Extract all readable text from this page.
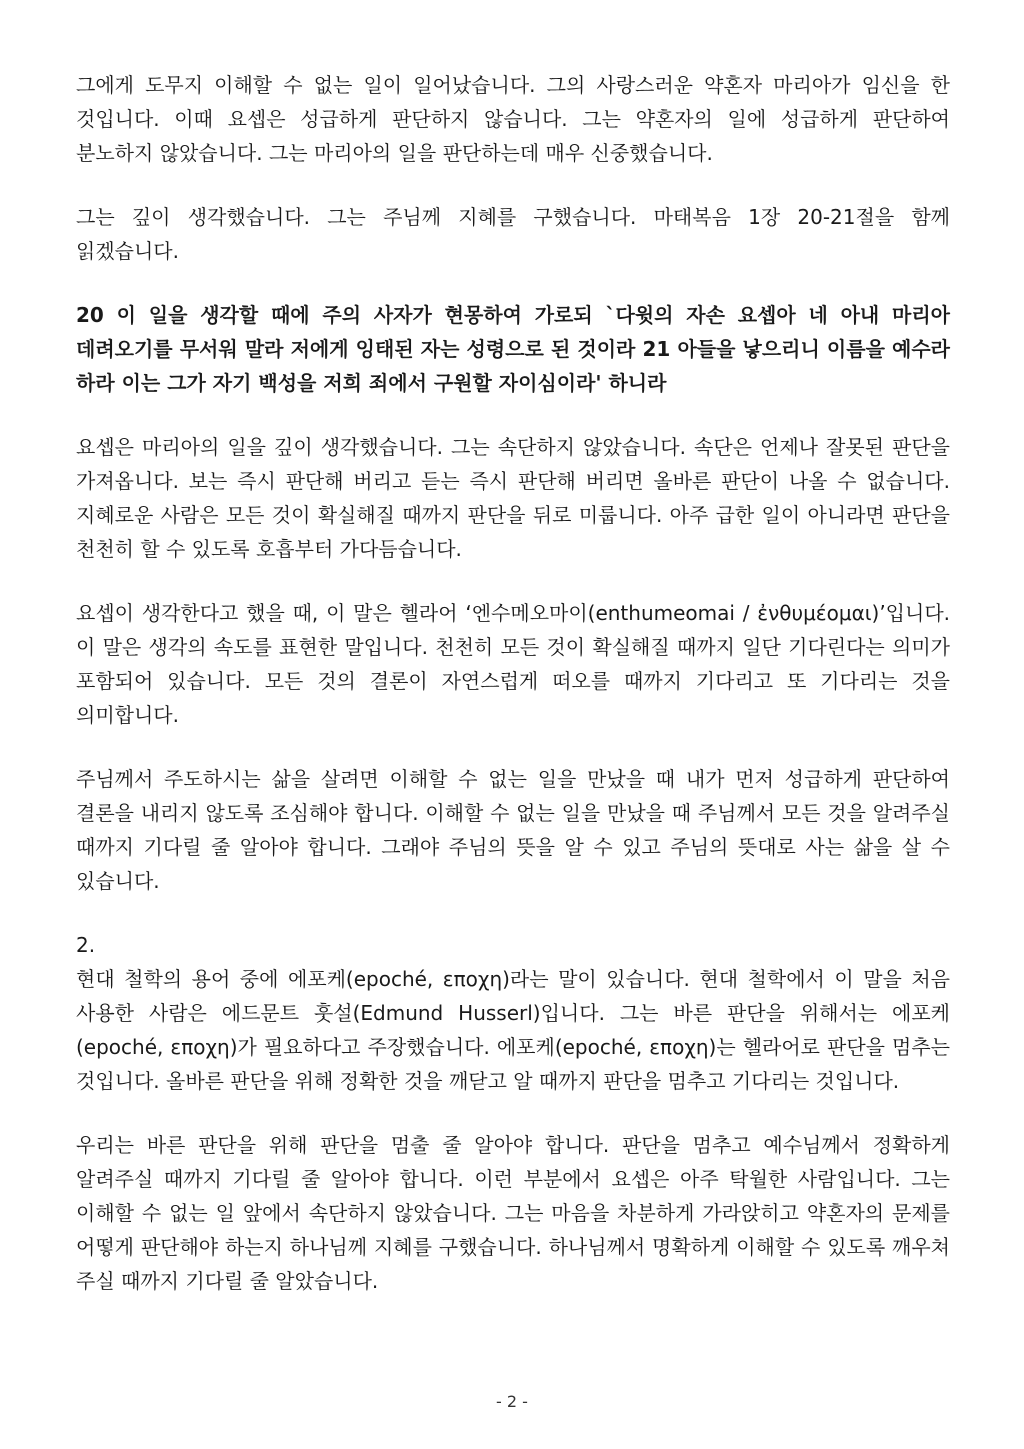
그에게 도무지 이해할 수 없는 일이 일어났습니다. 그의 사랑스러운 약혼자 마리아가 임신을 한 것입니다. 이때 요셉은 성급하게 판단하지 않습니다. 그는 약혼자의 일에 성급하게 판단하여 분노하지 않았습니다. 그는 마리아의 일을 판단하는데 매우 신중했습니다.

그는 깊이 생각했습니다. 그는 주님께 지혜를 구했습니다. 마태복음 1장 20-21절을 함께 읽겠습니다.

20 이 일을 생각할 때에 주의 사자가 현몽하여 가로되 `다윗의 자손 요셉아 네 아내 마리아 데려오기를 무서워 말라 저에게 잉태된 자는 성령으로 된 것이라 21 아들을 낳으리니 이름을 예수라 하라 이는 그가 자기 백성을 저희 죄에서 구원할 자이심이라' 하니라

요셉은 마리아의 일을 깊이 생각했습니다. 그는 속단하지 않았습니다. 속단은 언제나 잘못된 판단을 가져옵니다. 보는 즉시 판단해 버리고 듣는 즉시 판단해 버리면 올바른 판단이 나올 수 없습니다. 지혜로운 사람은 모든 것이 확실해질 때까지 판단을 뒤로 미룹니다. 아주 급한 일이 아니라면 판단을 천천히 할 수 있도록 호흡부터 가다듬습니다.

요셉이 생각한다고 했을 때, 이 말은 헬라어 ‘엔수메오마이(enthumeomai / ἐνθυμέομαι)’입니다. 이 말은 생각의 속도를 표현한 말입니다. 천천히 모든 것이 확실해질 때까지 일단 기다린다는 의미가 포함되어 있습니다. 모든 것의 결론이 자연스럽게 떠오를 때까지 기다리고 또 기다리는 것을 의미합니다.

주님께서 주도하시는 삶을 살려면 이해할 수 없는 일을 만났을 때 내가 먼저 성급하게 판단하여 결론을 내리지 않도록 조심해야 합니다. 이해할 수 없는 일을 만났을 때 주님께서 모든 것을 알려주실 때까지 기다릴 줄 알아야 합니다. 그래야 주님의 뜻을 알 수 있고 주님의 뜻대로 사는 삶을 살 수 있습니다.

2.

현대 철학의 용어 중에 에포케(epoché, εποχη)라는 말이 있습니다. 현대 철학에서 이 말을 처음 사용한 사람은 에드문트 훗설(Edmund Husserl)입니다. 그는 바른 판단을 위해서는 에포케(epoché, εποχη)가 필요하다고 주장했습니다. 에포케(epoché, εποχη)는 헬라어로 판단을 멈추는 것입니다. 올바른 판단을 위해 정확한 것을 깨닫고 알 때까지 판단을 멈추고 기다리는 것입니다.

우리는 바른 판단을 위해 판단을 멈출 줄 알아야 합니다. 판단을 멈추고 예수님께서 정확하게 알려주실 때까지 기다릴 줄 알아야 합니다. 이런 부분에서 요셉은 아주 탁월한 사람입니다. 그는 이해할 수 없는 일 앞에서 속단하지 않았습니다. 그는 마음을 차분하게 가라앉히고 약혼자의 문제를 어떻게 판단해야 하는지 하나님께 지혜를 구했습니다. 하나님께서 명확하게 이해할 수 있도록 깨우쳐 주실 때까지 기다릴 줄 알았습니다.

- 2 -
